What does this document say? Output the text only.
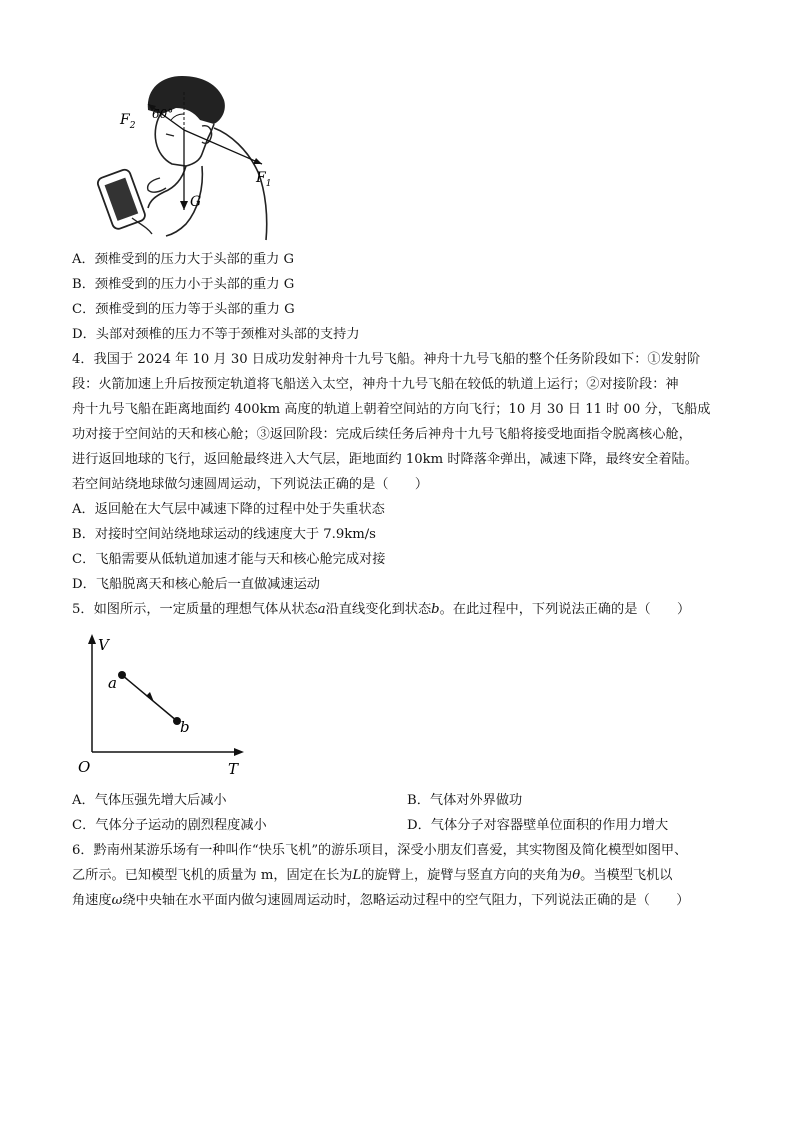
$F_2$
60°
$F_1$
G
A．颈椎受到的压力大于头部的重力 G
B．颈椎受到的压力小于头部的重力 G
C．颈椎受到的压力等于头部的重力 G
D．头部对颈椎的压力不等于颈椎对头部的支持力
4．我国于 2024 年 10 月 30 日成功发射神舟十九号飞船。神舟十九号飞船的整个任务阶段如下：①发射阶
段：火箭加速上升后按预定轨道将飞船送入太空，神舟十九号飞船在较低的轨道上运行；②对接阶段：神
舟十九号飞船在距离地面约 400km 高度的轨道上朝着空间站的方向飞行；10 月 30 日 11 时 00 分，飞船成
功对接于空间站的天和核心舱；③返回阶段：完成后续任务后神舟十九号飞船将接受地面指令脱离核心舱，
进行返回地球的飞行，返回舱最终进入大气层，距地面约 10km 时降落伞弹出，减速下降，最终安全着陆。
若空间站绕地球做匀速圆周运动，下列说法正确的是（　　）
A．返回舱在大气层中减速下降的过程中处于失重状态
B．对接时空间站绕地球运动的线速度大于 7.9km/s
C．飞船需要从低轨道加速才能与天和核心舱完成对接
D．飞船脱离天和核心舱后一直做减速运动
5．如图所示，一定质量的理想气体从状态a沿直线变化到状态b。在此过程中，下列说法正确的是（　　）
V
T
O
a
b
A．气体压强先增大后减小	B．气体对外界做功
C．气体分子运动的剧烈程度减小	D．气体分子对容器壁单位面积的作用力增大
6．黔南州某游乐场有一种叫作“快乐飞机”的游乐项目，深受小朋友们喜爱，其实物图及简化模型如图甲、
乙所示。已知模型飞机的质量为 m，固定在长为L的旋臂上，旋臂与竖直方向的夹角为θ。当模型飞机以
角速度ω绕中央轴在水平面内做匀速圆周运动时，忽略运动过程中的空气阻力，下列说法正确的是（　　）
